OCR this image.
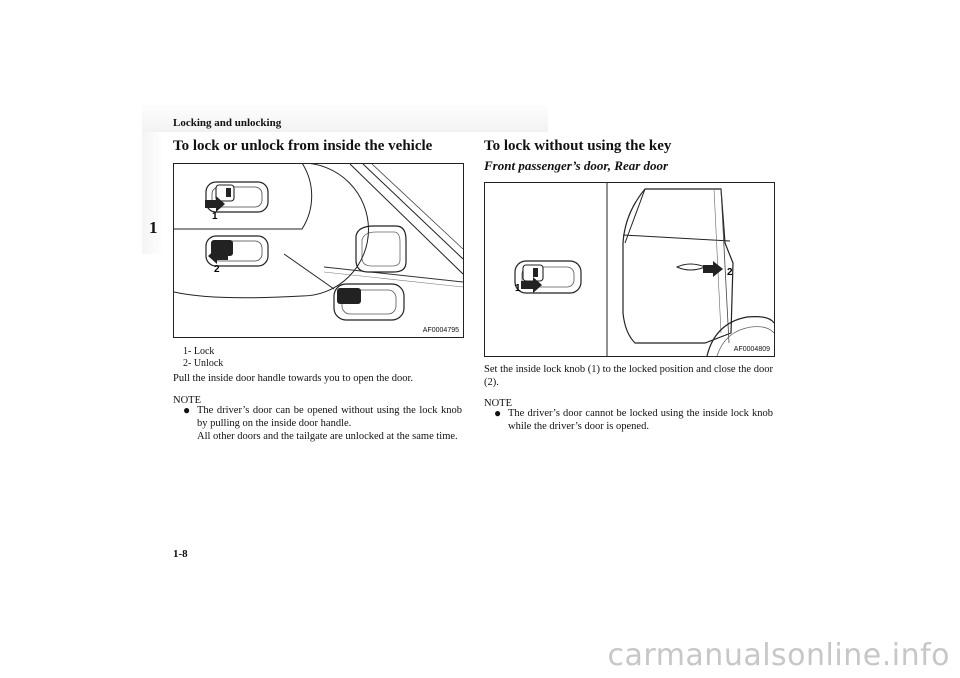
Locking and unlocking
1
To lock or unlock from inside the vehicle
1
2
AF0004795
1- Lock
2- Unlock
Pull the inside door handle towards you to open the door.
NOTE
● The driver’s door can be opened without using the lock knob by pulling on the inside door handle.
All other doors and the tailgate are unlocked at the same time.
To lock without using the key
Front passenger’s door, Rear door
1
2
AF0004809
Set the inside lock knob (1) to the locked position and close the door (2).
NOTE
● The driver’s door cannot be locked using the inside lock knob while the driver’s door is opened.
1-8
carmanualsonline.info
